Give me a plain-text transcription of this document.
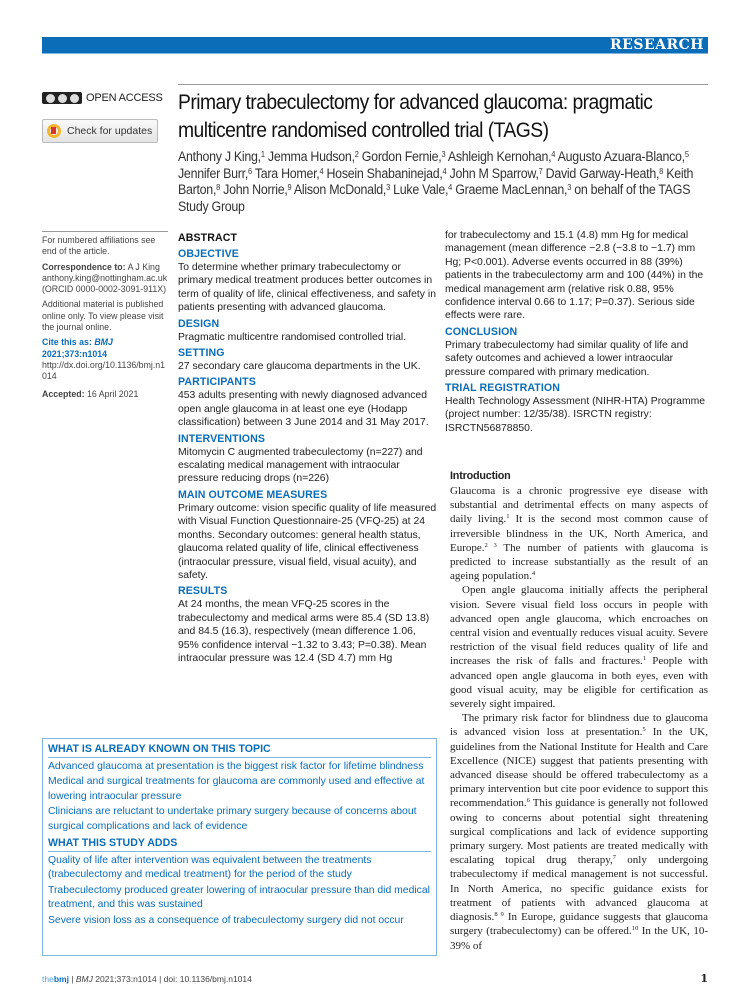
RESEARCH
OPEN ACCESS
Check for updates
Primary trabeculectomy for advanced glaucoma: pragmatic multicentre randomised controlled trial (TAGS)
Anthony J King,$^1$ Jemma Hudson,$^2$ Gordon Fernie,$^3$ Ashleigh Kernohan,$^4$ Augusto Azuara-Blanco,$^5$ Jennifer Burr,$^6$ Tara Homer,$^4$ Hosein Shabaninejad,$^4$ John M Sparrow,$^7$ David Garway-Heath,$^8$ Keith Barton,$^8$ John Norrie,$^9$ Alison McDonald,$^3$ Luke Vale,$^4$ Graeme MacLennan,$^3$ on behalf of the TAGS Study Group

For numbered affiliations see end of the article.

Correspondence to: A J King
anthony.king@nottingham.ac.uk
(ORCID 0000-0002-3091-911X)

Additional material is published online only. To view please visit the journal online.

Cite this as: BMJ 2021;373:n1014
http://dx.doi.org/10.1136/bmj.n1014

Accepted: 16 April 2021

ABSTRACT
OBJECTIVE

To determine whether primary trabeculectomy or primary medical treatment produces better outcomes in term of quality of life, clinical effectiveness, and safety in patients presenting with advanced glaucoma.

DESIGN

Pragmatic multicentre randomised controlled trial.

SETTING

27 secondary care glaucoma departments in the UK.

PARTICIPANTS

453 adults presenting with newly diagnosed advanced open angle glaucoma in at least one eye (Hodapp classification) between 3 June 2014 and 31 May 2017.

INTERVENTIONS

Mitomycin C augmented trabeculectomy (n=227) and escalating medical management with intraocular pressure reducing drops (n=226)

MAIN OUTCOME MEASURES

Primary outcome: vision specific quality of life measured with Visual Function Questionnaire-25 (VFQ-25) at 24 months. Secondary outcomes: general health status, glaucoma related quality of life, clinical effectiveness (intraocular pressure, visual field, visual acuity), and safety.

RESULTS

At 24 months, the mean VFQ-25 scores in the trabeculectomy and medical arms were 85.4 (SD 13.8) and 84.5 (16.3), respectively (mean difference 1.06, 95% confidence interval −1.32 to 3.43; P=0.38). Mean intraocular pressure was 12.4 (SD 4.7) mm Hg

for trabeculectomy and 15.1 (4.8) mm Hg for medical management (mean difference −2.8 (−3.8 to −1.7) mm Hg; P<0.001). Adverse events occurred in 88 (39%) patients in the trabeculectomy arm and 100 (44%) in the medical management arm (relative risk 0.88, 95% confidence interval 0.66 to 1.17; P=0.37). Serious side effects were rare.

CONCLUSION

Primary trabeculectomy had similar quality of life and safety outcomes and achieved a lower intraocular pressure compared with primary medication.

TRIAL REGISTRATION

Health Technology Assessment (NIHR-HTA) Programme (project number: 12/35/38). ISRCTN registry: ISRCTN56878850.

WHAT IS ALREADY KNOWN ON THIS TOPIC

Advanced glaucoma at presentation is the biggest risk factor for lifetime blindness

Medical and surgical treatments for glaucoma are commonly used and effective at lowering intraocular pressure

Clinicians are reluctant to undertake primary surgery because of concerns about surgical complications and lack of evidence

WHAT THIS STUDY ADDS

Quality of life after intervention was equivalent between the treatments (trabeculectomy and medical treatment) for the period of the study

Trabeculectomy produced greater lowering of intraocular pressure than did medical treatment, and this was sustained

Severe vision loss as a consequence of trabeculectomy surgery did not occur

Introduction

Glaucoma is a chronic progressive eye disease with substantial and detrimental effects on many aspects of daily living.$^1$ It is the second most common cause of irreversible blindness in the UK, North America, and Europe.$^{2 3}$ The number of patients with glaucoma is predicted to increase substantially as the result of an ageing population.$^4$

Open angle glaucoma initially affects the peripheral vision. Severe visual field loss occurs in people with advanced open angle glaucoma, which encroaches on central vision and eventually reduces visual acuity. Severe restriction of the visual field reduces quality of life and increases the risk of falls and fractures.$^1$ People with advanced open angle glaucoma in both eyes, even with good visual acuity, may be eligible for certification as severely sight impaired.

The primary risk factor for blindness due to glaucoma is advanced vision loss at presentation.$^5$ In the UK, guidelines from the National Institute for Health and Care Excellence (NICE) suggest that patients presenting with advanced disease should be offered trabeculectomy as a primary intervention but cite poor evidence to support this recommendation.$^6$ This guidance is generally not followed owing to concerns about potential sight threatening surgical complications and lack of evidence supporting primary surgery. Most patients are treated medically with escalating topical drug therapy,$^7$ only undergoing trabeculectomy if medical management is not successful. In North America, no specific guidance exists for treatment of patients with advanced glaucoma at diagnosis.$^{8 9}$ In Europe, guidance suggests that glaucoma surgery (trabeculectomy) can be offered.$^{10}$ In the UK, 10-39% of

thebmj | BMJ 2021;373:n1014 | doi: 10.1136/bmj.n1014	1
